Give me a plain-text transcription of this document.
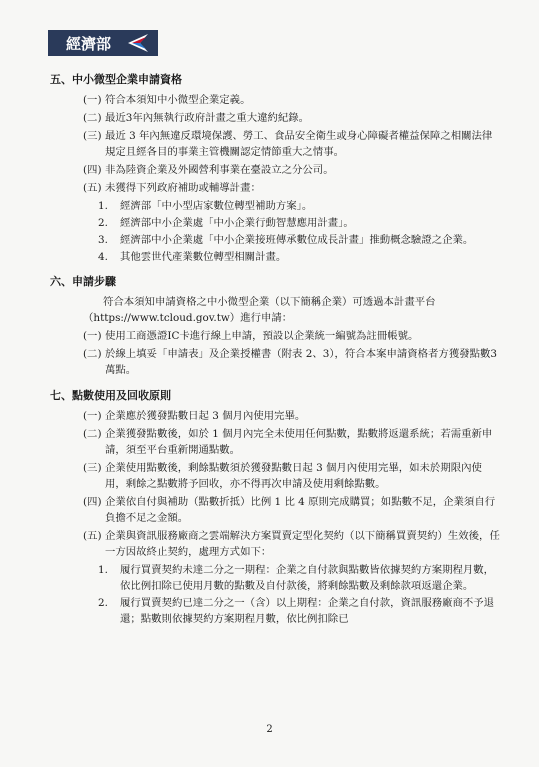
經濟部
五、中小微型企業申請資格
(一) 符合本須知中小微型企業定義。
(二) 最近3年內無執行政府計畫之重大違約紀錄。
(三) 最近 3 年內無違反環境保護、勞工、食品安全衛生或身心障礙者權益保障之相關法律規定且經各目的事業主管機關認定情節重大之情事。
(四) 非為陸資企業及外國營利事業在臺設立之分公司。
(五) 未獲得下列政府補助或輔導計畫：
1.	經濟部「中小型店家數位轉型補助方案」。
2.	經濟部中小企業處「中小企業行動智慧應用計畫」。
3.	經濟部中小企業處「中小企業接班傳承數位成長計畫」推動概念驗證之企業。
4.	其他雲世代產業數位轉型相關計畫。
六、申請步驟
符合本須知申請資格之中小微型企業（以下簡稱企業）可透過本計畫平台（https://www.tcloud.gov.tw）進行申請：
(一) 使用工商憑證IC卡進行線上申請，預設以企業統一編號為註冊帳號。
(二) 於線上填妥「申請表」及企業授權書（附表 2、3），符合本案申請資格者方獲發點數3萬點。
七、點數使用及回收原則
(一) 企業應於獲發點數日起 3 個月內使用完畢。
(二) 企業獲發點數後，如於 1 個月內完全未使用任何點數，點數將返還系統；若需重新申請，須至平台重新開通點數。
(三) 企業使用點數後，剩餘點數須於獲發點數日起 3 個月內使用完畢，如未於期限內使用，剩餘之點數將予回收，亦不得再次申請及使用剩餘點數。
(四) 企業依自付與補助（點數折抵）比例 1 比 4 原則完成購買；如點數不足，企業須自行負擔不足之金額。
(五) 企業與資訊服務廠商之雲端解決方案買賣定型化契約（以下簡稱買賣契約）生效後，任一方因故終止契約，處理方式如下：
1.	履行買賣契約未達二分之一期程：企業之自付款與點數皆依據契約方案期程月數，依比例扣除已使用月數的點數及自付款後，將剩餘點數及剩餘款項返還企業。
2.	履行買賣契約已達二分之一（含）以上期程：企業之自付款，資訊服務廠商不予退還；點數則依據契約方案期程月數，依比例扣除已
2
